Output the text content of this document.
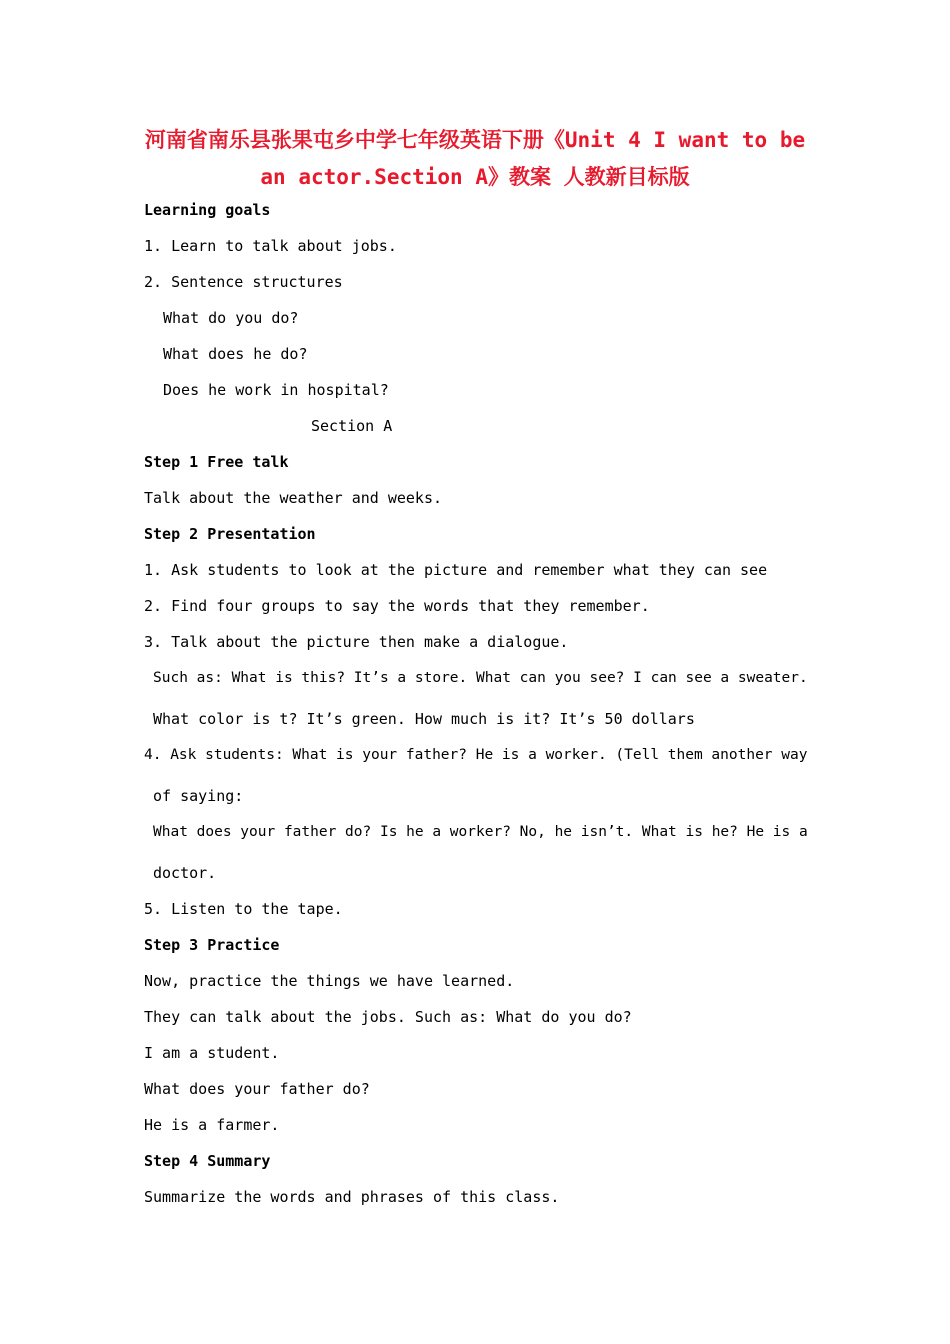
河南省南乐县张果屯乡中学七年级英语下册《Unit 4 I want to be
an actor.Section A》教案 人教新目标版
Learning goals
1. Learn to talk about jobs.
2. Sentence structures
What do you do?
What does he do?
Does he work in hospital?
Section A
Step 1 Free talk
Talk about the weather and weeks.
Step 2 Presentation
1. Ask students to look at the picture and remember what they can see
2. Find four groups to say the words that they remember.
3. Talk about the picture then make a dialogue.
Such as: What is this? It’s a store. What can you see? I can see a sweater.
What color is t? It’s green. How much is it? It’s 50 dollars
4. Ask students: What is your father? He is a worker. (Tell them another way
of saying:
What does your father do? Is he a worker? No, he isn’t. What is he? He is a
doctor.
5. Listen to the tape.
Step 3 Practice
Now, practice the things we have learned.
They can talk about the jobs. Such as: What do you do?
I am a student.
What does your father do?
He is a farmer.
Step 4 Summary
Summarize the words and phrases of this class.
